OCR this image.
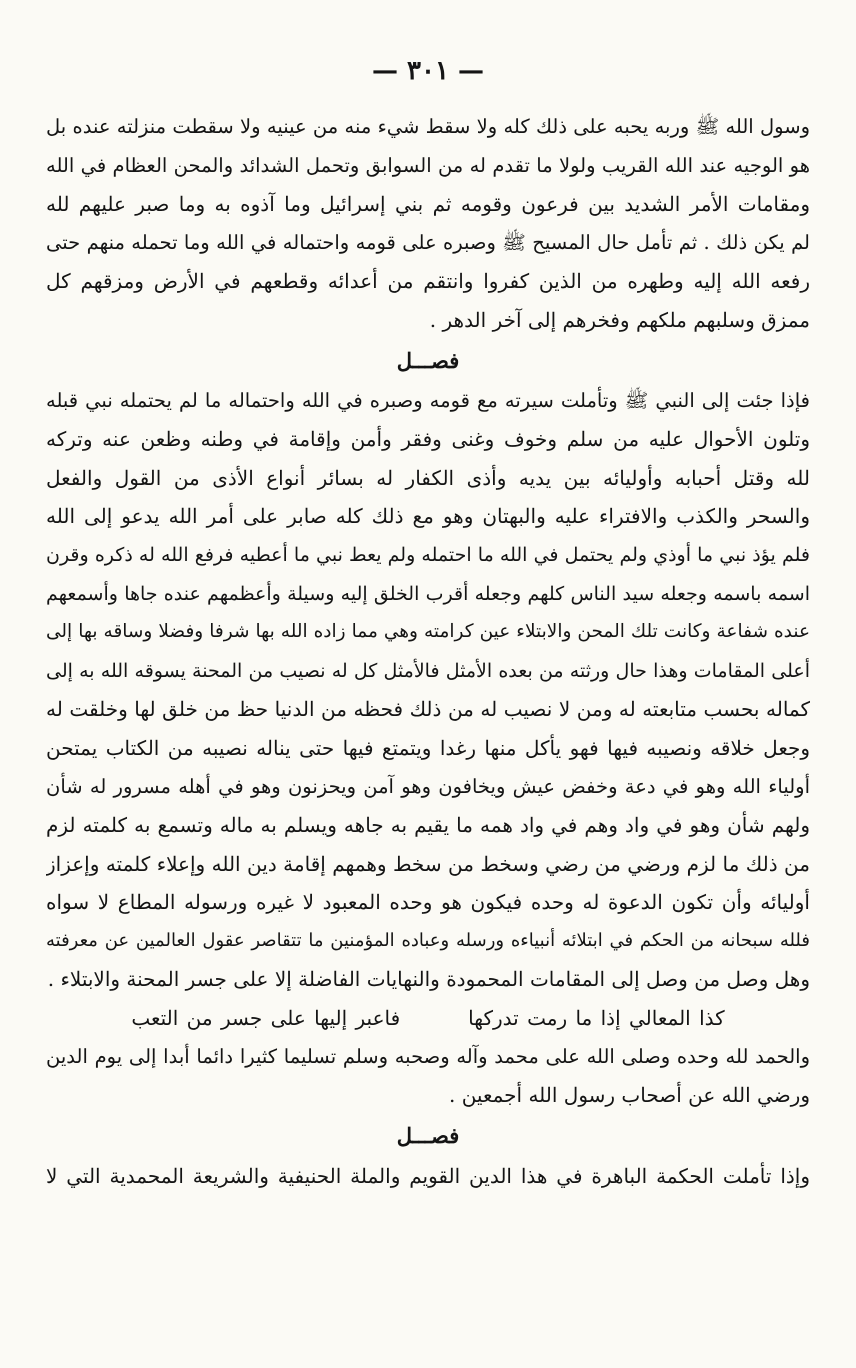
— ٣٠١ —
وسول الله ﷺ وربه يحبه على ذلك كله ولا سقط شيء منه من عينيه ولا سقطت منزلته عنده بل
هو الوجيه عند الله القريب ولولا ما تقدم له من السوابق وتحمل الشدائد والمحن العظام في الله
ومقامات الأمر الشديد بين فرعون وقومه ثم بني إسرائيل وما آذوه به وما صبر عليهم لله
لم يكن ذلك . ثم تأمل حال المسيح ﷺ وصبره على قومه واحتماله في الله وما تحمله منهم حتى
رفعه الله إليه وطهره من الذين كفروا وانتقم من أعدائه وقطعهم في الأرض ومزقهم كل
ممزق وسلبهم ملكهم وفخرهم إلى آخر الدهر .
فصـــل
فإذا جئت إلى النبي ﷺ وتأملت سيرته مع قومه وصبره في الله واحتماله ما لم يحتمله نبي قبله
وتلون الأحوال عليه من سلم وخوف وغنى وفقر وأمن وإقامة في وطنه وظعن عنه وتركه
لله وقتل أحبابه وأوليائه بين يديه وأذى الكفار له بسائر أنواع الأذى من القول والفعل
والسحر والكذب والافتراء عليه والبهتان وهو مع ذلك كله صابر على أمر الله يدعو إلى الله
فلم يؤذ نبي ما أوذي ولم يحتمل في الله ما احتمله ولم يعط نبي ما أعطيه فرفع الله له ذكره وقرن
اسمه باسمه وجعله سيد الناس كلهم وجعله أقرب الخلق إليه وسيلة وأعظمهم عنده جاها وأسمعهم
عنده شفاعة وكانت تلك المحن والابتلاء عين كرامته وهي مما زاده الله بها شرفا وفضلا وساقه بها إلى
أعلى المقامات وهذا حال ورثته من بعده الأمثل فالأمثل كل له نصيب من المحنة يسوقه الله به إلى
كماله بحسب متابعته له ومن لا نصيب له من ذلك فحظه من الدنيا حظ من خلق لها وخلقت له
وجعل خلاقه ونصيبه فيها فهو يأكل منها رغدا ويتمتع فيها حتى يناله نصيبه من الكتاب يمتحن
أولياء الله وهو في دعة وخفض عيش ويخافون وهو آمن ويحزنون وهو في أهله مسرور له شأن
ولهم شأن وهو في واد وهم في واد همه ما يقيم به جاهه ويسلم به ماله وتسمع به كلمته لزم
من ذلك ما لزم ورضي من رضي وسخط من سخط وهمهم إقامة دين الله وإعلاء كلمته وإعزاز
أوليائه وأن تكون الدعوة له وحده فيكون هو وحده المعبود لا غيره ورسوله المطاع لا سواه
فلله سبحانه من الحكم في ابتلائه أنبياءه ورسله وعباده المؤمنين ما تتقاصر عقول العالمين عن معرفته
وهل وصل من وصل إلى المقامات المحمودة والنهايات الفاضلة إلا على جسر المحنة والابتلاء .
كذا المعالي إذا ما رمت تدركهافاعبر إليها على جسر من التعب
والحمد لله وحده وصلى الله على محمد وآله وصحبه وسلم تسليما كثيرا دائما أبدا إلى يوم الدين
ورضي الله عن أصحاب رسول الله أجمعين .
فصـــل
وإذا تأملت الحكمة الباهرة في هذا الدين القويم والملة الحنيفية والشريعة المحمدية التي لا
